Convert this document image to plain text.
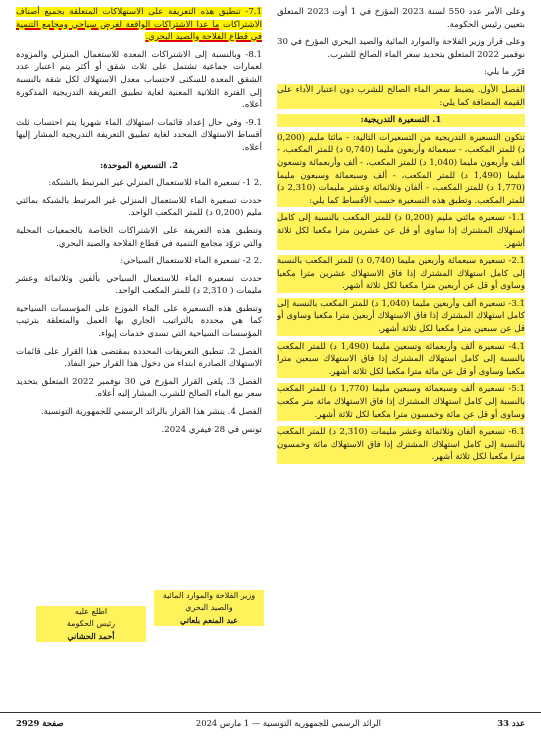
وعلى الأمر عدد 550 لسنة 2023 المؤرخ في 1 أوت 2023 المتعلق بتعيين رئيس الحكومة.

وعلى قرار وزير الفلاحة والموارد المائية والصيد البحري المؤرخ في 30 نوفمبر 2022 المتعلق بتحديد سعر الماء الصالح للشرب.

قرّر ما يلي:

الفصل الأول. يضبط سعر الماء الصالح للشرب دون اعتبار الأداء على القيمة المضافة كما يلي:

1. التسعيرة التدريجية:

تتكون التسعيرة التدريجية من التسعيرات التالية: - مائتا مليم (0,200 د) للمتر المكعب، - سبعمائة وأربعون مليما (0,740 د) للمتر المكعب، - ألف وأربعون مليما (1,040 د) للمتر المكعب، - ألف وأربعمائة وتسعون مليما (1,490 د) للمتر المكعب، - ألف وسبعمائة وسبعون مليما (1,770 د) للمتر المكعب، - ألفان وثلاثمائة وعشر مليمات (2,310 د) للمتر المكعب. وتطبق هذه التسعيرة حسب الأقساط كما يلي:

1.1- تسعيرة مائتي مليم (0,200 د) للمتر المكعب بالنسبة إلى كامل استهلاك المشترك إذا ساوى أو قل عن عشرين مترا مكعبا لكل ثلاثة أشهر.

2.1- تسعيرة سبعمائة وأربعين مليما (0,740 د) للمتر المكعب بالنسبة إلى كامل استهلاك المشترك إذا فاق الاستهلاك عشرين مترا مكعبا وساوى أو قل عن أربعين مترا مكعبا لكل ثلاثة أشهر.

3.1- تسعيرة ألف وأربعين مليما (1,040 د) للمتر المكعب بالنسبة إلى كامل استهلاك المشترك إذا فاق الاستهلاك أربعين مترا مكعبا وساوى أو قل عن سبعين مترا مكعبا لكل ثلاثة أشهر.

4.1- تسعيرة ألف وأربعمائة وتسعين مليما (1,490 د) للمتر المكعب بالنسبة إلى كامل استهلاك المشترك إذا فاق الاستهلاك سبعين مترا مكعبا وساوى أو قل عن مائة مترا مكعبا لكل ثلاثة أشهر.

5.1- تسعيرة ألف وسبعمائة وسبعين مليما (1,770 د) للمتر المكعب بالنسبة إلى كامل استهلاك المشترك إذا فاق الاستهلاك مائة متر مكعب وساوى أو قل عن مائة وخمسون مترا مكعبا لكل ثلاثة أشهر.

6.1- تسعيرة ألفان وثلاثمائة وعشر مليمات (2,310 د) للمتر المكعب بالنسبة إلى كامل استهلاك المشترك إذا فاق الاستهلاك مائة وخمسون مترا مكعبا لكل ثلاثة أشهر.

7.1- تنطبق هذه التعريفة على الاستهلاكات المتعلقة بجميع أصناف الاشتراكات ما عدا الاشتراكات الواقعة لغرض سياحي ومجامع التنمية في قطاع الفلاحة والصيد البحري.

8.1- وبالنسبة إلى الاشتراكات المعدة للاستعمال المنزلي والمزودة لعمارات جماعية تشتمل على ثلاث شقق أو أكثر يتم اعتبار عدد الشقق المعدة للسكنى لاحتساب معدل الاستهلاك لكل شقة بالنسبة إلى الفترة الثلاثية المعنية لغاية تطبيق التعريفة التدريجية المذكورة أعلاه.

9.1- وفي حال إعداد قائمات استهلاك الماء شهريا يتم احتساب ثلث أقساط الاستهلاك المحدد لغاية تطبيق التعريفة التدريجية المشار إليها أعلاه.

2. التسعيرة الموحدة:

.2 1- تسعيرة الماء للاستعمال المنزلي غير المرتبط بالشبكة:

حددت تسعيرة الماء للاستعمال المنزلي غير المرتبط بالشبكة بمائتي مليم (0,200 د) للمتر المكعب الواحد.

وتنطبق هذه التعريفة على الاشتراكات الخاصة بالجمعيات المحلية والتي تزوّد مجامع التنمية في قطاع الفلاحة والصيد البحري.

.2 2- تسعيرة الماء للاستعمال السياحي:

حددت تسعيرة الماء للاستعمال السياحي بألفين وثلاثمائة وعشر مليمات ( 2,310 د) للمتر المكعب الواحد.

وتنطبق هذه التسعيرة على الماء الموزع على المؤسسات السياحية كما هي محددة بالتراتيب الجاري بها العمل والمتعلقة بترتيب المؤسسات السياحية التي تسدي خدمات إيواء.

الفصل 2. تنطبق التعريفات المحددة بمقتضى هذا القرار على قائمات الاستهلاك الصادرة ابتداء من دخول هذا القرار حيز النفاذ.

الفصل 3. يلغى القرار المؤرخ في 30 نوفمبر 2022 المتعلق بتحديد سعر بيع الماء الصالح للشرب المشار إليه أعلاه.

الفصل 4. ينشر هذا القرار بالرائد الرسمي للجمهورية التونسية.

تونس في 28 فيفري 2024.

وزير الفلاحة والموارد المائية والصيد البحري
عبد المنعم بلعاتي
اطلع عليه
رئيس الحكومة
أحمد الحشاني
عدد 33
الرائد الرسمي للجمهورية التونسية — 1 مارس 2024
صفحة 2929
